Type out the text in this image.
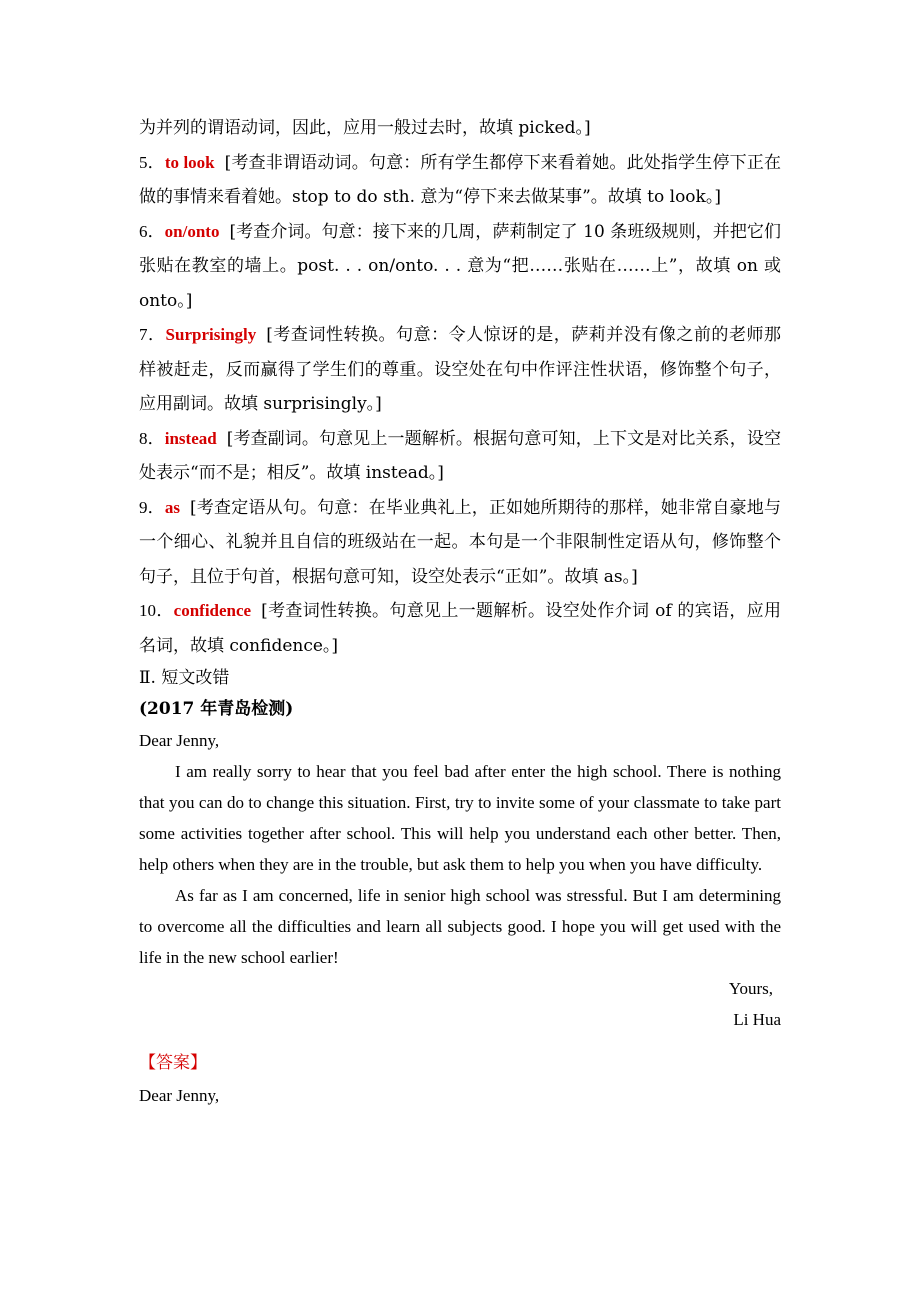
为并列的谓语动词，因此，应用一般过去时，故填 picked。]

5．to look [考查非谓语动词。句意：所有学生都停下来看着她。此处指学生停下正在做的事情来看着她。stop to do sth. 意为“停下来去做某事”。故填 to look。]

6．on/onto [考查介词。句意：接下来的几周，萨莉制定了 10 条班级规则，并把它们张贴在教室的墙上。post. . . on/onto. . . 意为“把……张贴在……上”，故填 on 或 onto。]

7．Surprisingly [考查词性转换。句意：令人惊讶的是，萨莉并没有像之前的老师那样被赶走，反而赢得了学生们的尊重。设空处在句中作评注性状语，修饰整个句子，应用副词。故填 surprisingly。]

8．instead [考查副词。句意见上一题解析。根据句意可知，上下文是对比关系，设空处表示“而不是；相反”。故填 instead。]

9．as [考查定语从句。句意：在毕业典礼上，正如她所期待的那样，她非常自豪地与一个细心、礼貌并且自信的班级站在一起。本句是一个非限制性定语从句，修饰整个句子，且位于句首，根据句意可知，设空处表示“正如”。故填 as。]

10．confidence [考查词性转换。句意见上一题解析。设空处作介词 of 的宾语，应用名词，故填 confidence。]

Ⅱ. 短文改错

(2017 年青岛检测)

Dear Jenny,

I am really sorry to hear that you feel bad after enter the high school. There is nothing that you can do to change this situation. First, try to invite some of your classmate to take part some activities together after school. This will help you understand each other better. Then, help others when they are in the trouble, but ask them to help you when you have difficulty.

As far as I am concerned, life in senior high school was stressful. But I am determining to overcome all the difficulties and learn all subjects good. I hope you will get used with the life in the new school earlier!

Yours,

Li Hua

【答案】

Dear Jenny,
